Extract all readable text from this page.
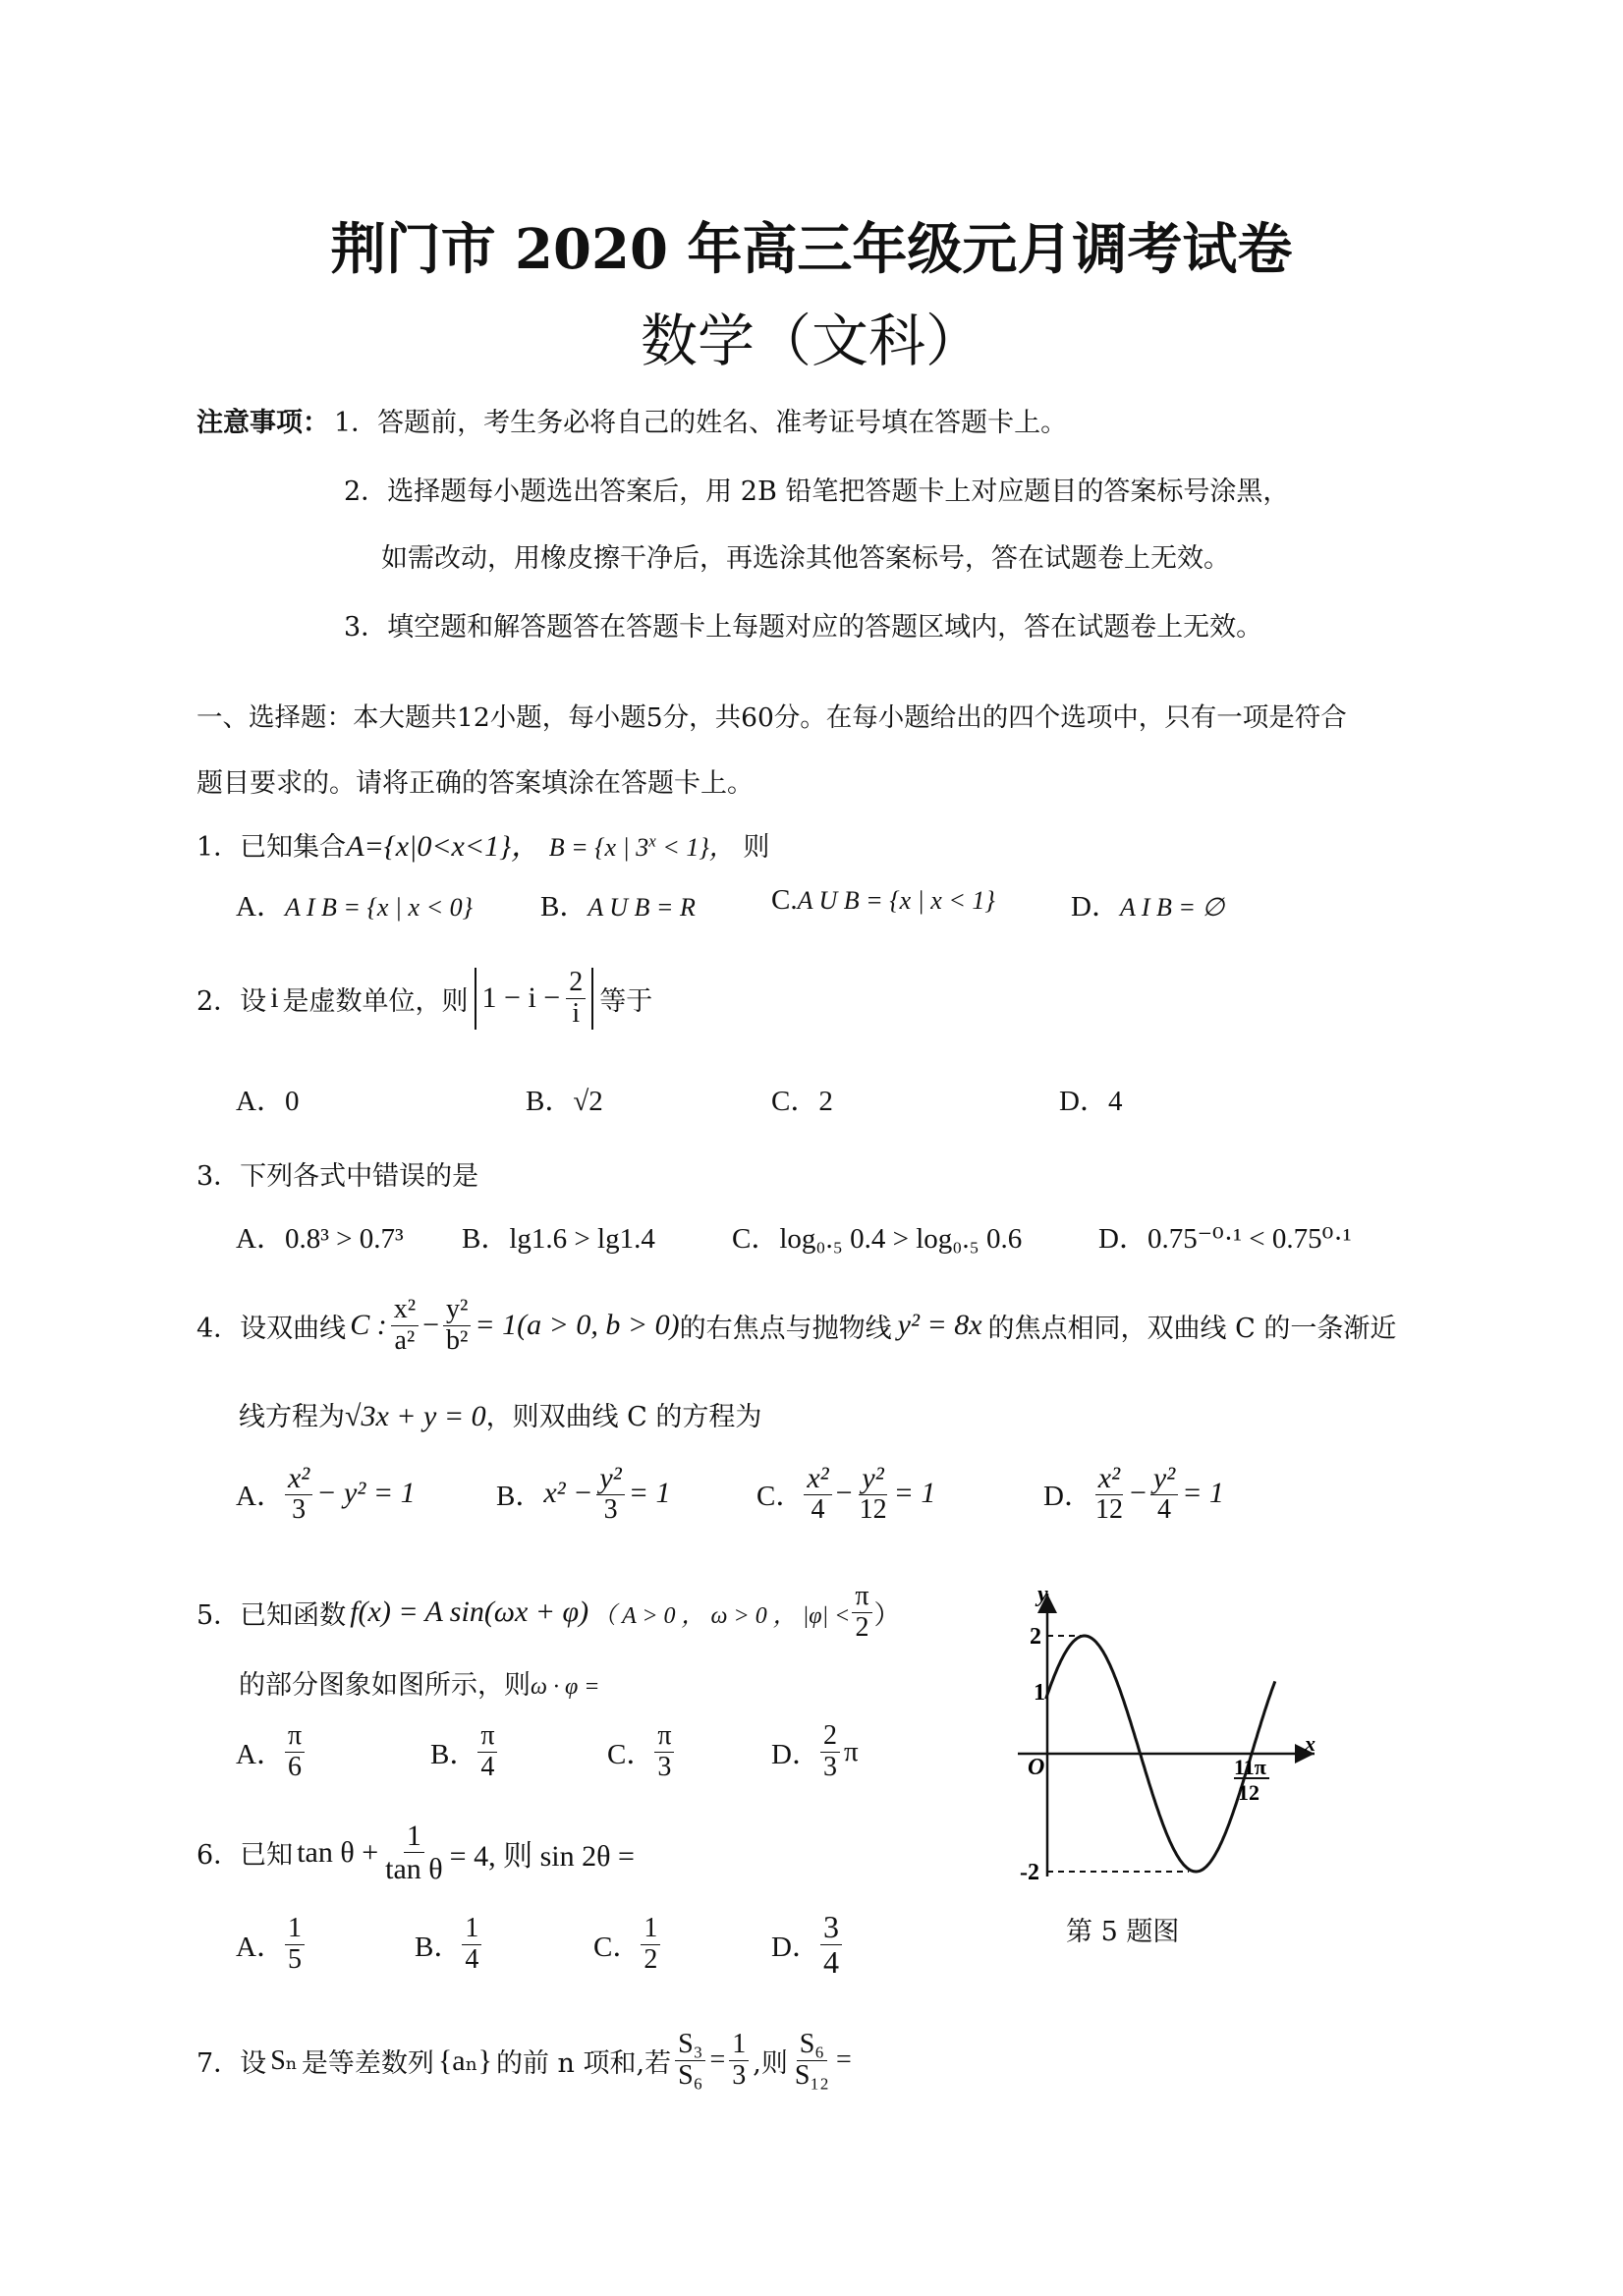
荆门市 2020 年高三年级元月调考试卷
数学（文科）
注意事项： 1．答题前，考生务必将自己的姓名、准考证号填在答题卡上。
2．选择题每小题选出答案后，用 2B 铅笔把答题卡上对应题目的答案标号涂黑，
如需改动，用橡皮擦干净后，再选涂其他答案标号，答在试题卷上无效。
3．填空题和解答题答在答题卡上每题对应的答题区域内，答在试题卷上无效。
一、选择题：本大题共12小题，每小题5分，共60分。在每小题给出的四个选项中，只有一项是符合
题目要求的。请将正确的答案填涂在答题卡上。
1．已知集合A={x|0<x<1}， B = {x | $3^x < 1$}， 则
A．A I B = {x | x < 0} B．A U B = R	C.A U B = {x | x < 1}	D．A I B = ∅
2．设 i 是虚数单位，则 $1 - i - \frac{2}{i}$ 等于
A．0	B．√2	C．2	D．4
3．下列各式中错误的是
A．0.8³ > 0.7³ B．lg1.6 > lg1.4	C．log₀.₅ 0.4 > log₀.₅ 0.6	D．0.75⁻⁰·¹ < 0.75⁰·¹
4．设双曲线 C : $\frac{\text{x²}}{\text{a²}} - \frac{\text{y²}}{\text{b²}} = 1(a > 0$, b > 0) 的右焦点与抛物线 y² = 8x 的焦点相同，双曲线 C 的一条渐近
线方程为√3x + y = 0，则双曲线 C 的方程为
A． $\frac{\text{x²}}{3} - y^2 = 1$	B． $x^2 - \frac{\text{y²}}{3} = 1$	C． $\frac{\text{x²}}{4} - \frac{\text{y²}}{12} = 1$	D． $\frac{\text{x²}}{12} - \frac{\text{y²}}{4} = 1$
5．已知函数 f(x) = A sin(ωx + φ) （ A > 0 ， ω > 0 ， $|\varphi| < \frac{\pi}{2}$ ）
的部分图象如图所示，则ω · φ =
A． $\frac{\pi}{6}$	B． $\frac{\pi}{4}$	C． $\frac{\pi}{3}$	D． $\frac{2}{3}$ π
y
x
O
2
1
-2
11π
12
第 5 题图
6．已知 $\tan \theta + \frac{1}{\text{tan θ}} = 4$, 则 sin 2θ =
A． $\frac{1}{5}$	B． $\frac{1}{4}$	C． $\frac{1}{2}$	D． $\frac{3}{4}$
7．设 Sₙ 是等差数列 {aₙ} 的前 n 项和,若 $\frac{\text{S₃}}{\text{S₆}} = \frac{1}{3}$ ,则 $\frac{\text{S₆}}{\text{S₁₂}}$ =
